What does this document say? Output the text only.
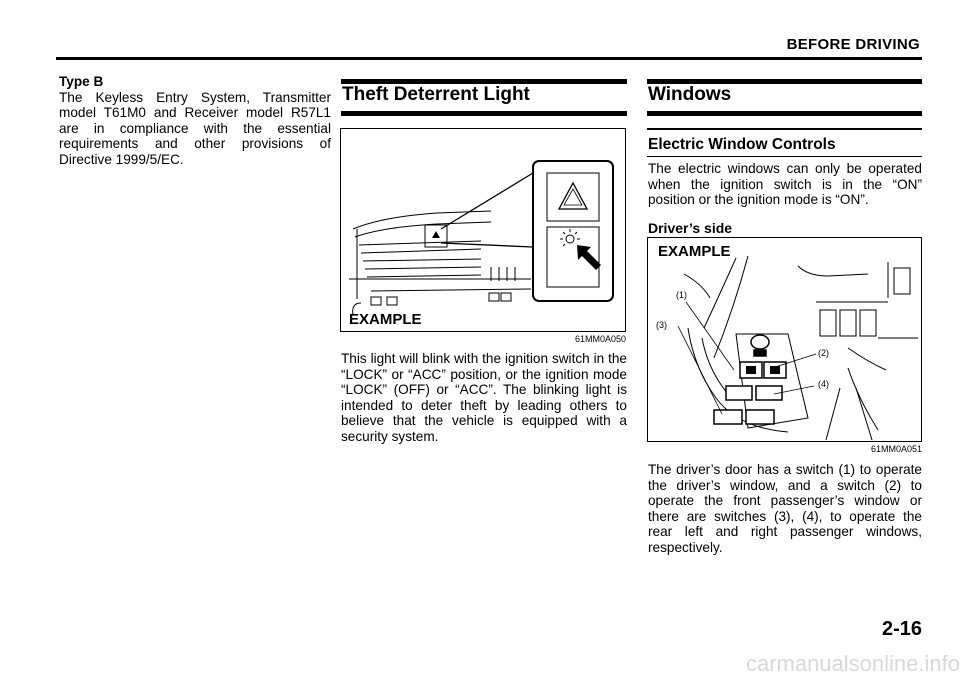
BEFORE DRIVING
Type B
The Keyless Entry System, Transmitter model T61M0 and Receiver model R57L1 are in compliance with the essential requirements and other provisions of Directive 1999/5/EC.
Theft Deterrent Light
EXAMPLE
61MM0A050
This light will blink with the ignition switch in the “LOCK” or “ACC” position, or the ignition mode “LOCK” (OFF) or “ACC”. The blinking light is intended to deter theft by leading others to believe that the vehicle is equipped with a security system.
Windows
Electric Window Controls
The electric windows can only be operated when the ignition switch is in the “ON” position or the ignition mode is “ON”.
Driver’s side
EXAMPLE
(1)
(2)
(3)
(4)
61MM0A051
The driver’s door has a switch (1) to operate the driver’s window, and a switch (2) to operate the front passenger’s window or there are switches (3), (4), to operate the rear left and right passenger windows, respectively.
2-16
carmanualsonline.info
